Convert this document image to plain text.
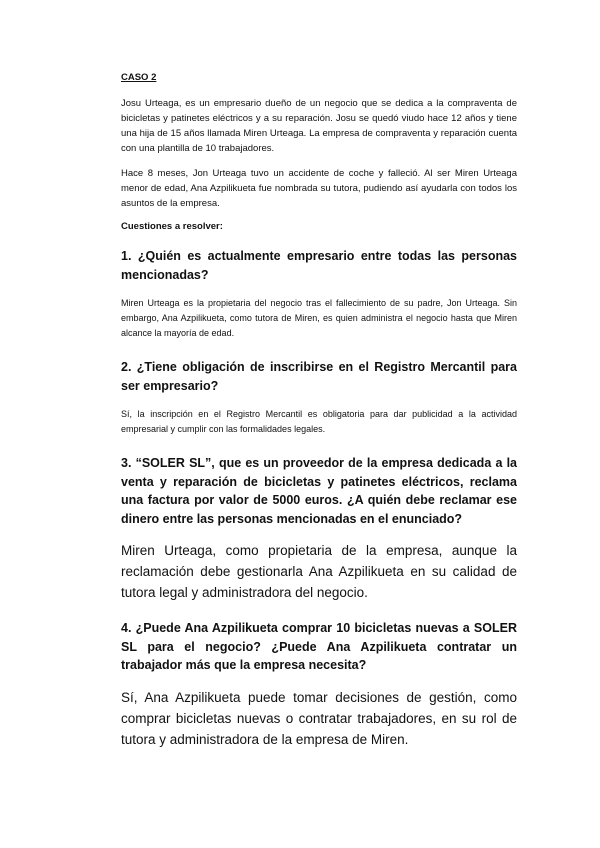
CASO 2

Josu Urteaga, es un empresario dueño de un negocio que se dedica a la compraventa de bicicletas y patinetes eléctricos y a su reparación. Josu se quedó viudo hace 12 años y tiene una hija de 15 años llamada Miren Urteaga. La empresa de compraventa y reparación cuenta con una plantilla de 10 trabajadores.

Hace 8 meses, Jon Urteaga tuvo un accidente de coche y falleció. Al ser Miren Urteaga menor de edad, Ana Azpilikueta fue nombrada su tutora, pudiendo así ayudarla con todos los asuntos de la empresa.

Cuestiones a resolver:

1. ¿Quién es actualmente empresario entre todas las personas mencionadas?

Miren Urteaga es la propietaria del negocio tras el fallecimiento de su padre, Jon Urteaga. Sin embargo, Ana Azpilikueta, como tutora de Miren, es quien administra el negocio hasta que Miren alcance la mayoría de edad.

2. ¿Tiene obligación de inscribirse en el Registro Mercantil para ser empresario?

Sí, la inscripción en el Registro Mercantil es obligatoria para dar publicidad a la actividad empresarial y cumplir con las formalidades legales.

3. “SOLER SL”, que es un proveedor de la empresa dedicada a la venta y reparación de bicicletas y patinetes eléctricos, reclama una factura por valor de 5000 euros. ¿A quién debe reclamar ese dinero entre las personas mencionadas en el enunciado?

Miren Urteaga, como propietaria de la empresa, aunque la reclamación debe gestionarla Ana Azpilikueta en su calidad de tutora legal y administradora del negocio.

4. ¿Puede Ana Azpilikueta comprar 10 bicicletas nuevas a SOLER SL para el negocio? ¿Puede Ana Azpilikueta contratar un trabajador más que la empresa necesita?

Sí, Ana Azpilikueta puede tomar decisiones de gestión, como comprar bicicletas nuevas o contratar trabajadores, en su rol de tutora y administradora de la empresa de Miren.
